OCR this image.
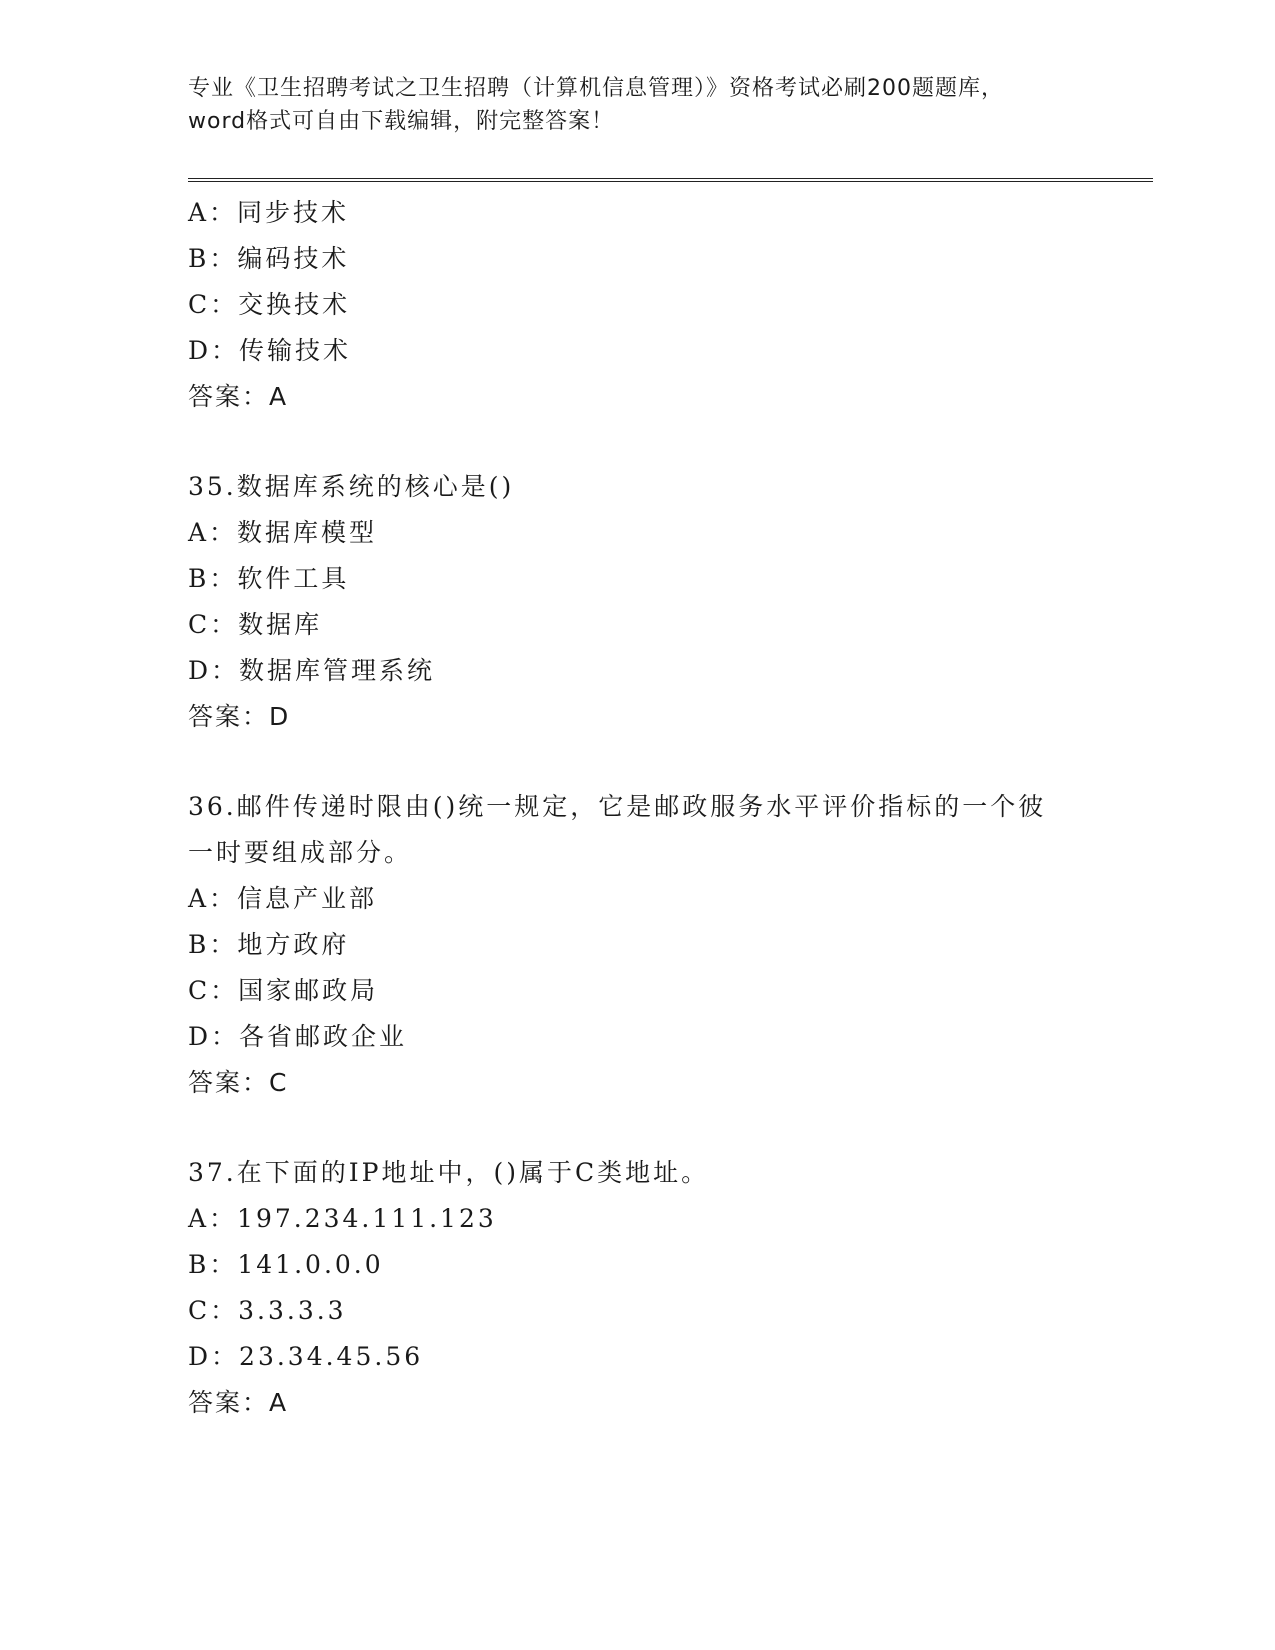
专业《卫生招聘考试之卫生招聘（计算机信息管理）》资格考试必刷200题题库，
word格式可自由下载编辑，附完整答案！
A：同步技术
B：编码技术
C：交换技术
D：传输技术
答案：A
35.数据库系统的核心是()
A：数据库模型
B：软件工具
C：数据库
D：数据库管理系统
答案：D
36.邮件传递时限由()统一规定，它是邮政服务水平评价指标的一个彼
一时要组成部分。
A：信息产业部
B：地方政府
C：国家邮政局
D：各省邮政企业
答案：C
37.在下面的IP地址中，()属于C类地址。
A：197.234.111.123
B：141.0.0.0
C：3.3.3.3
D：23.34.45.56
答案：A
